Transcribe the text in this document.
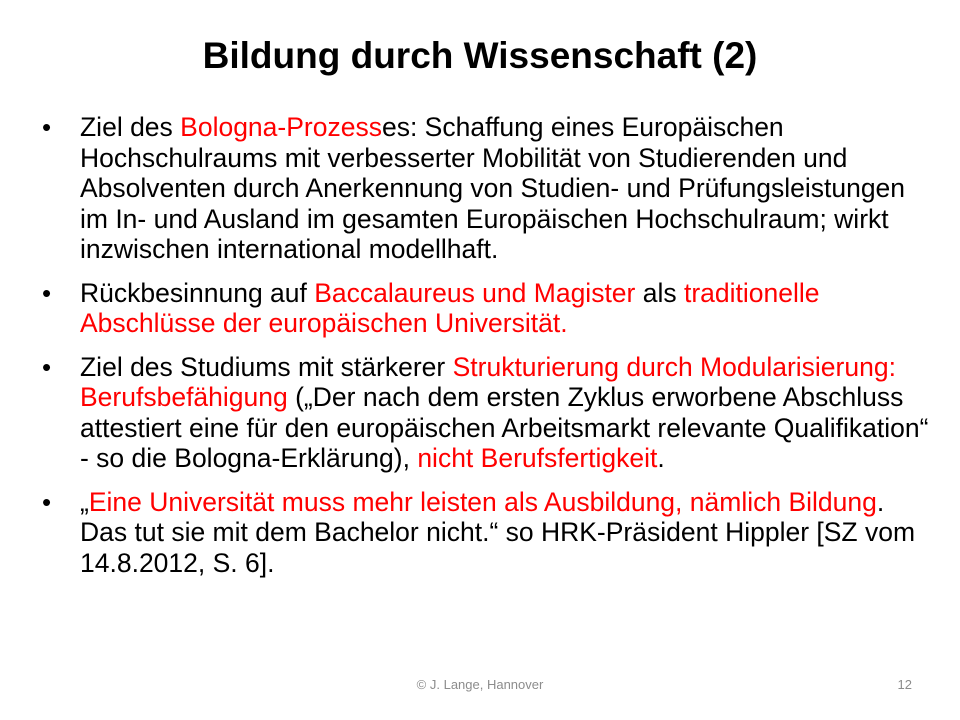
Bildung durch Wissenschaft (2)
• Ziel des Bologna-Prozesses: Schaffung eines Europäischen Hochschulraums mit verbesserter Mobilität von Studierenden und Absolventen durch Anerkennung von Studien- und Prüfungsleistungen im In- und Ausland im gesamten Europäischen Hochschulraum; wirkt inzwischen international modellhaft.
• Rückbesinnung auf Baccalaureus und Magister als traditionelle Abschlüsse der europäischen Universität.
• Ziel des Studiums mit stärkerer Strukturierung durch Modularisierung: Berufsbefähigung („Der nach dem ersten Zyklus erworbene Abschluss attestiert eine für den europäischen Arbeitsmarkt relevante Qualifikation“ - so die Bologna-Erklärung), nicht Berufsfertigkeit.
• „Eine Universität muss mehr leisten als Ausbildung, nämlich Bildung. Das tut sie mit dem Bachelor nicht.“ so HRK-Präsident Hippler [SZ vom 14.8.2012, S. 6].
© J. Lange, Hannover	12
